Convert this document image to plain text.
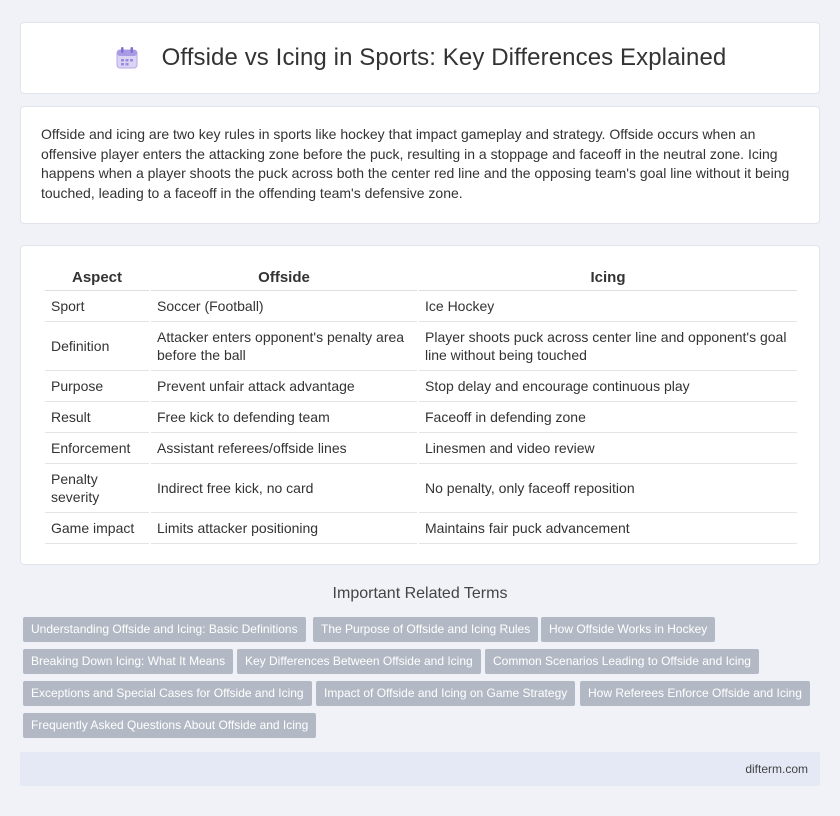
Offside vs Icing in Sports: Key Differences Explained

Offside and icing are two key rules in sports like hockey that impact gameplay and strategy. Offside occurs when an offensive player enters the attacking zone before the puck, resulting in a stoppage and faceoff in the neutral zone. Icing happens when a player shoots the puck across both the center red line and the opposing team's goal line without it being touched, leading to a faceoff in the offending team's defensive zone.

Aspect	Offside	Icing
Sport	Soccer (Football)	Ice Hockey
Definition	Attacker enters opponent's penalty area before the ball	Player shoots puck across center line and opponent's goal line without being touched
Purpose	Prevent unfair attack advantage	Stop delay and encourage continuous play
Result	Free kick to defending team	Faceoff in defending zone
Enforcement	Assistant referees/offside lines	Linesmen and video review
Penalty severity	Indirect free kick, no card	No penalty, only faceoff reposition
Game impact	Limits attacker positioning	Maintains fair puck advancement
Important Related Terms
Understanding Offside and Icing: Basic Definitions	The Purpose of Offside and Icing Rules	How Offside Works in Hockey
Breaking Down Icing: What It Means	Key Differences Between Offside and Icing	Common Scenarios Leading to Offside and Icing
Exceptions and Special Cases for Offside and Icing	Impact of Offside and Icing on Game Strategy	How Referees Enforce Offside and Icing
Frequently Asked Questions About Offside and Icing
difterm.com
